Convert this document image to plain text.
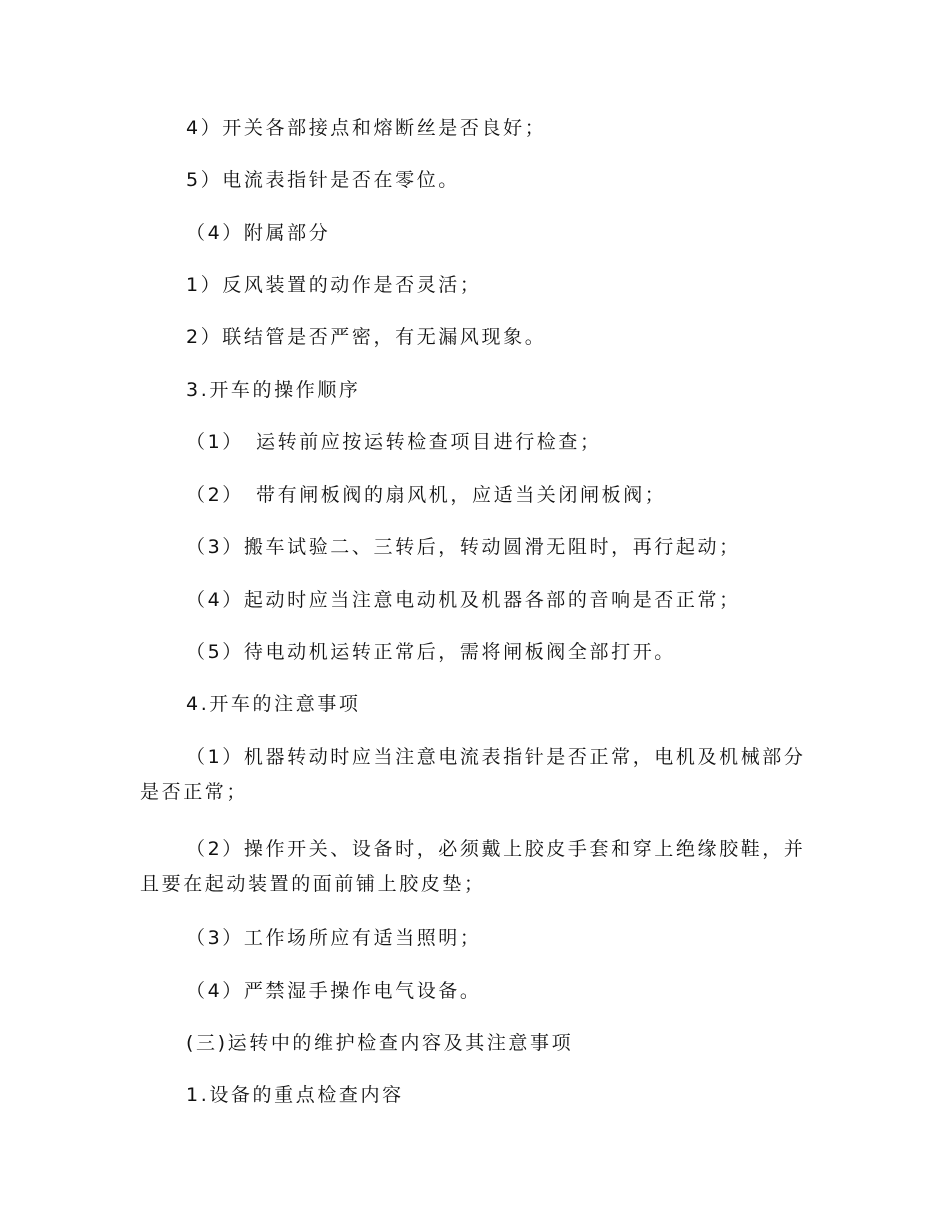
4）开关各部接点和熔断丝是否良好；
5）电流表指针是否在零位。
（4）附属部分
1）反风装置的动作是否灵活；
2）联结管是否严密，有无漏风现象。
3.开车的操作顺序
（1）　运转前应按运转检查项目进行检查；
（2）　带有闸板阀的扇风机，应适当关闭闸板阀；
（3）搬车试验二、三转后，转动圆滑无阻时，再行起动；
（4）起动时应当注意电动机及机器各部的音响是否正常；
（5）待电动机运转正常后，需将闸板阀全部打开。
4.开车的注意事项
（1）机器转动时应当注意电流表指针是否正常，电机及机械部分是否正常；
（2）操作开关、设备时，必须戴上胶皮手套和穿上绝缘胶鞋，并且要在起动装置的面前铺上胶皮垫；
（3）工作场所应有适当照明；
（4）严禁湿手操作电气设备。
(三)运转中的维护检查内容及其注意事项
1.设备的重点检查内容
